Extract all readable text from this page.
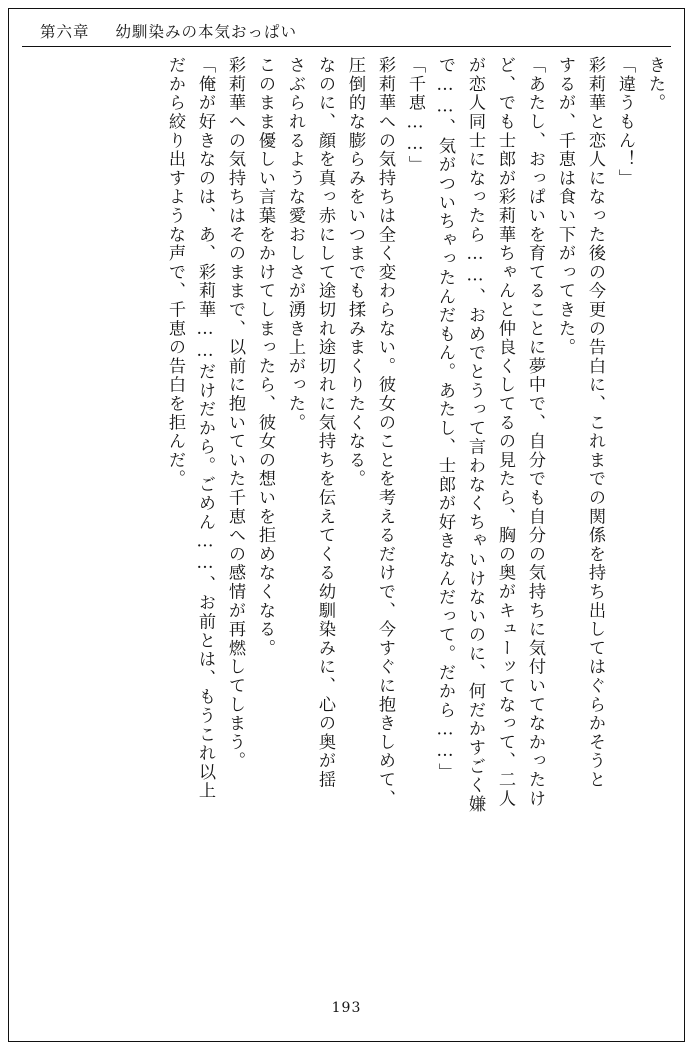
第六章 幼馴染みの本気おっぱい
きた。
「違うもん！」
彩莉華と恋人になった後の今更の告白に、これまでの関係を持ち出してはぐらかそうと
するが、千恵は食い下がってきた。
「あたし、おっぱいを育てることに夢中で、自分でも自分の気持ちに気付いてなかったけ
ど、でも士郎が彩莉華ちゃんと仲良くしてるの見たら、胸の奥がキューッてなって、二人
が恋人同士になったら……、おめでとうって言わなくちゃいけないのに、何だかすごく嫌
で……、気がついちゃったんだもん。あたし、士郎が好きなんだって。だから……」
「千恵……」
彩莉華への気持ちは全く変わらない。彼女のことを考えるだけで、今すぐに抱きしめて、
圧倒的な膨らみをいつまでも揉みまくりたくなる。
なのに、顔を真っ赤にして途切れ途切れに気持ちを伝えてくる幼馴染みに、心の奥が揺
さぶられるような愛おしさが湧き上がった。
このまま優しい言葉をかけてしまったら、彼女の想いを拒めなくなる。
彩莉華への気持ちはそのままで、以前に抱いていた千恵への感情が再燃してしまう。
「俺が好きなのは、あ、彩莉華……だけだから。ごめん……、お前とは、もうこれ以上
だから絞り出すような声で、千恵の告白を拒んだ。
193
